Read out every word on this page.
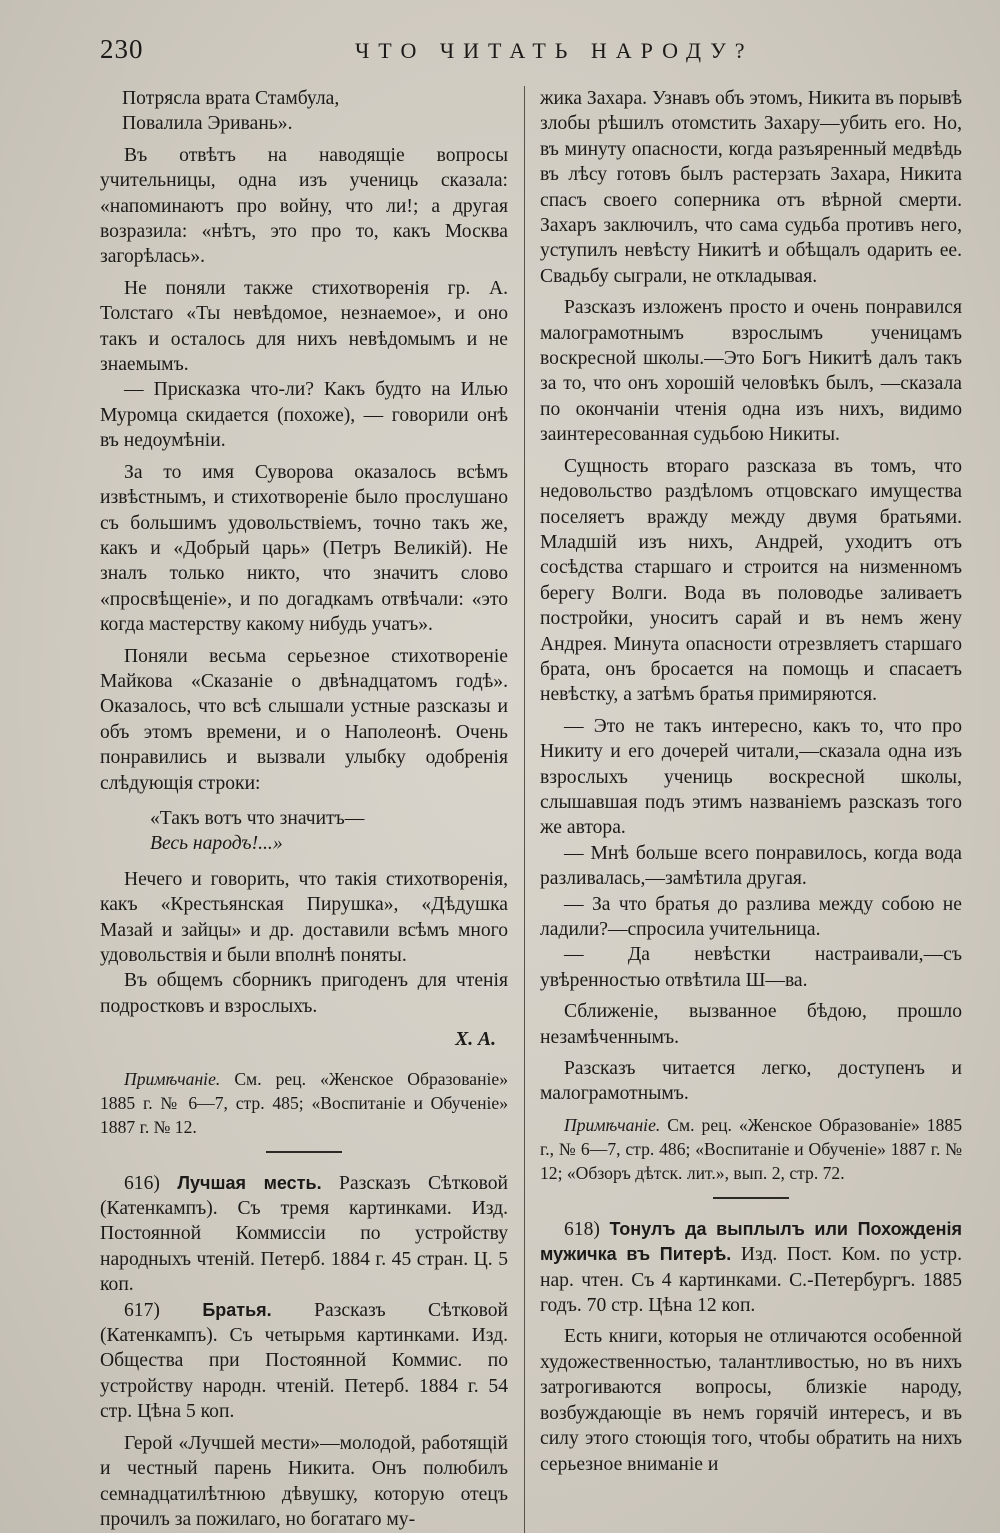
230	ЧТО ЧИТАТЬ НАРОДУ?
Потрясла врата Стамбула,
Повалила Эривань».

Въ отвѣтъ на наводящіе вопросы учительницы, одна изъ учениць сказала: «напоминаютъ про войну, что ли!; а другая возразила: «нѣтъ, это про то, какъ Москва загорѣлась».

Не поняли также стихотворенія гр. А. Толстаго «Ты невѣдомое, незнаемое», и оно такъ и осталось для нихъ невѣдомымъ и не знаемымъ.

— Присказка что-ли? Какъ будто на Илью Муромца скидается (похоже), — говорили онѣ въ недоумѣніи.

За то имя Суворова оказалось всѣмъ извѣстнымъ, и стихотвореніе было прослушано съ большимъ удовольствіемъ, точно такъ же, какъ и «Добрый царь» (Петръ Великій). Не зналъ только никто, что значитъ слово «просвѣщеніе», и по догадкамъ отвѣчали: «это когда мастерству какому нибудь учатъ».

Поняли весьма серьезное стихотвореніе Майкова «Сказаніе о двѣнадцатомъ годѣ». Оказалось, что всѣ слышали устные разсказы и объ этомъ времени, и о Наполеонѣ. Очень понравились и вызвали улыбку одобренія слѣдующія строки:

«Такъ вотъ что значитъ—
Весь народъ!...»

Нечего и говорить, что такія стихотворенія, какъ «Крестьянская Пирушка», «Дѣдушка Мазай и зайцы» и др. доставили всѣмъ много удовольствія и были вполнѣ поняты.

Въ общемъ сборникъ пригоденъ для чтенія подростковъ и взрослыхъ.

Х. А.

Примѣчаніе. См. рец. «Женское Образованіе» 1885 г. № 6—7, стр. 485; «Воспитаніе и Обученіе» 1887 г. № 12.

616) Лучшая месть. Разсказъ Сѣтковой (Катенкампъ). Съ тремя картинками. Изд. Постоянной Коммиссіи по устройству народныхъ чтеній. Петерб. 1884 г. 45 стран. Ц. 5 коп.

617) Братья. Разсказъ Сѣтковой (Катенкампъ). Съ четырьмя картинками. Изд. Общества при Постоянной Коммис. по устройству народн. чтеній. Петерб. 1884 г. 54 стр. Цѣна 5 коп.

Герой «Лучшей мести»—молодой, работящій и честный парень Никита. Онъ полюбилъ семнадцатилѣтнюю дѣвушку, которую отецъ прочилъ за пожилаго, но богатаго му-

жика Захара. Узнавъ объ этомъ, Никита въ порывѣ злобы рѣшилъ отомстить Захару—убить его. Но, въ минуту опасности, когда разъяренный медвѣдь въ лѣсу готовъ былъ растерзать Захара, Никита спасъ своего соперника отъ вѣрной смерти. Захаръ заключилъ, что сама судьба противъ него, уступилъ невѣсту Никитѣ и обѣщалъ одарить ее. Свадьбу сыграли, не откладывая.

Разсказъ изложенъ просто и очень понравился малограмотнымъ взрослымъ ученицамъ воскресной школы.—Это Богъ Никитѣ далъ такъ за то, что онъ хорошій человѣкъ былъ, —сказала по окончаніи чтенія одна изъ нихъ, видимо заинтересованная судьбою Никиты.

Сущность втораго разсказа въ томъ, что недовольство раздѣломъ отцовскаго имущества поселяетъ вражду между двумя братьями. Младшій изъ нихъ, Андрей, уходитъ отъ сосѣдства старшаго и строится на низменномъ берегу Волги. Вода въ половодье заливаетъ постройки, уноситъ сарай и въ немъ жену Андрея. Минута опасности отрезвляетъ старшаго брата, онъ бросается на помощь и спасаетъ невѣстку, а затѣмъ братья примиряются.

— Это не такъ интересно, какъ то, что про Никиту и его дочерей читали,—сказала одна изъ взрослыхъ учениць воскресной школы, слышавшая подъ этимъ названіемъ разсказъ того же автора.

— Мнѣ больше всего понравилось, когда вода разливалась,—замѣтила другая.

— За что братья до разлива между собою не ладили?—спросила учительница.

— Да невѣстки настраивали,—съ увѣренностью отвѣтила Ш—ва.

Сближеніе, вызванное бѣдою, прошло незамѣченнымъ.

Разсказъ читается легко, доступенъ и малограмотнымъ.

Примѣчаніе. См. рец. «Женское Образованіе» 1885 г., № 6—7, стр. 486; «Воспитаніе и Обученіе» 1887 г. № 12; «Обзоръ дѣтск. лит.», вып. 2, стр. 72.

618) Тонулъ да выплылъ или Похожденія мужичка въ Питерѣ. Изд. Пост. Ком. по устр. нар. чтен. Съ 4 картинками. С.-Петербургъ. 1885 годъ. 70 стр. Цѣна 12 коп.

Есть книги, которыя не отличаются особенной художественностью, талантливостью, но въ нихъ затрогиваются вопросы, близкіе народу, возбуждающіе въ немъ горячій интересъ, и въ силу этого стоющія того, чтобы обратить на нихъ серьезное вниманіе и
